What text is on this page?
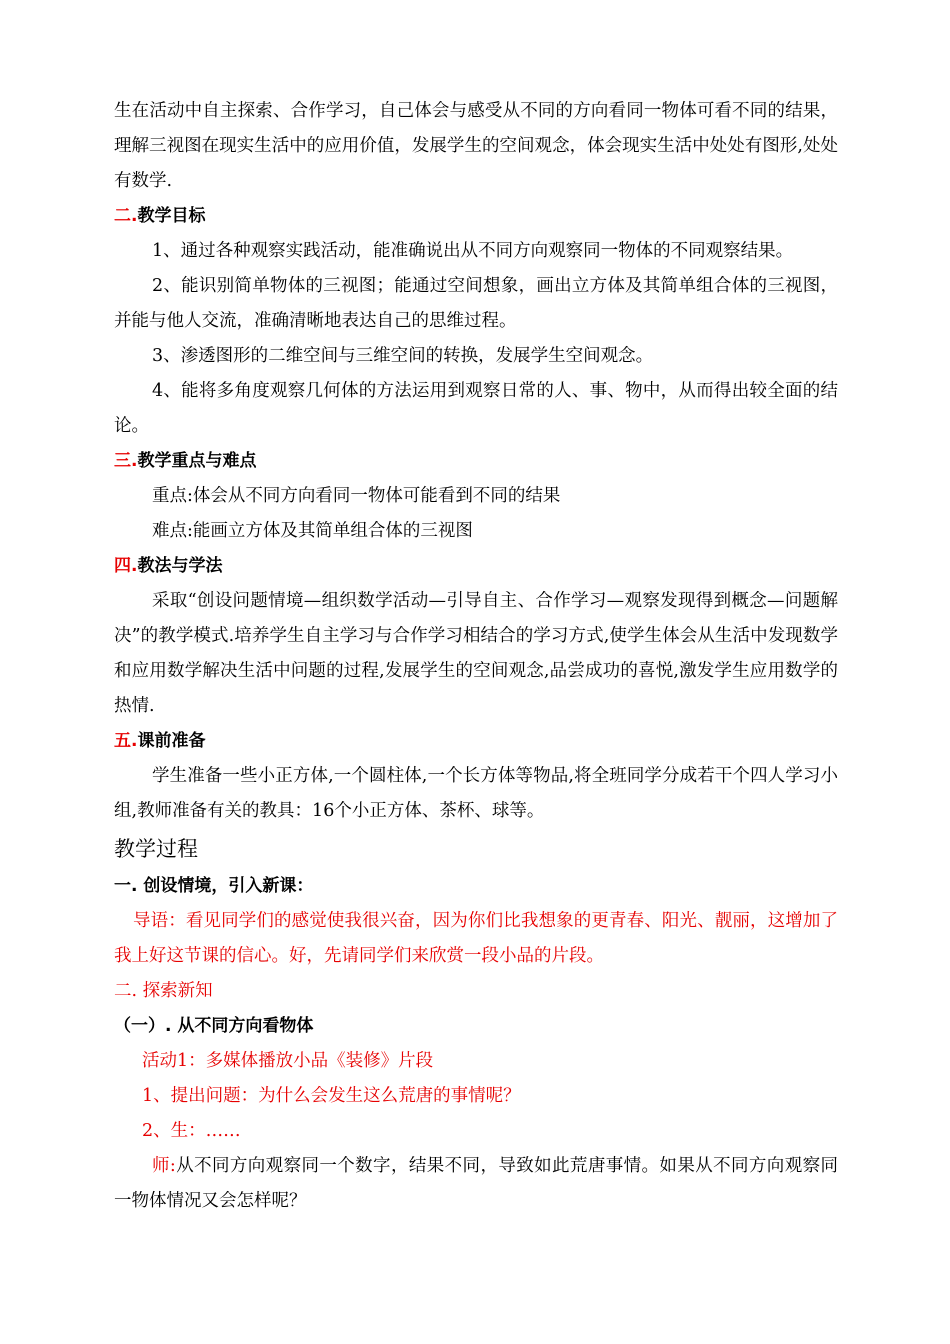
生在活动中自主探索、合作学习，自己体会与感受从不同的方向看同一物体可看不同的结果，理解三视图在现实生活中的应用价值，发展学生的空间观念，体会现实生活中处处有图形,处处有数学.

二.教学目标

1、通过各种观察实践活动，能准确说出从不同方向观察同一物体的不同观察结果。

2、能识别简单物体的三视图；能通过空间想象，画出立方体及其简单组合体的三视图，并能与他人交流，准确清晰地表达自己的思维过程。

3、渗透图形的二维空间与三维空间的转换，发展学生空间观念。

4、能将多角度观察几何体的方法运用到观察日常的人、事、物中，从而得出较全面的结论。

三.教学重点与难点

重点:体会从不同方向看同一物体可能看到不同的结果

难点:能画立方体及其简单组合体的三视图

四.教法与学法

采取“创设问题情境—组织数学活动—引导自主、合作学习—观察发现得到概念—问题解决”的教学模式.培养学生自主学习与合作学习相结合的学习方式,使学生体会从生活中发现数学和应用数学解决生活中问题的过程,发展学生的空间观念,品尝成功的喜悦,激发学生应用数学的热情.

五.课前准备

学生准备一些小正方体,一个圆柱体,一个长方体等物品,将全班同学分成若干个四人学习小组,教师准备有关的教具：16个小正方体、茶杯、球等。

教学过程

一. 创设情境，引入新课：

导语：看见同学们的感觉使我很兴奋，因为你们比我想象的更青春、阳光、靓丽，这增加了我上好这节课的信心。好，先请同学们来欣赏一段小品的片段。

二. 探索新知

（一）. 从不同方向看物体

活动1：多媒体播放小品《装修》片段

1、提出问题：为什么会发生这么荒唐的事情呢？

2、生：……

师:从不同方向观察同一个数字，结果不同，导致如此荒唐事情。如果从不同方向观察同一物体情况又会怎样呢？
